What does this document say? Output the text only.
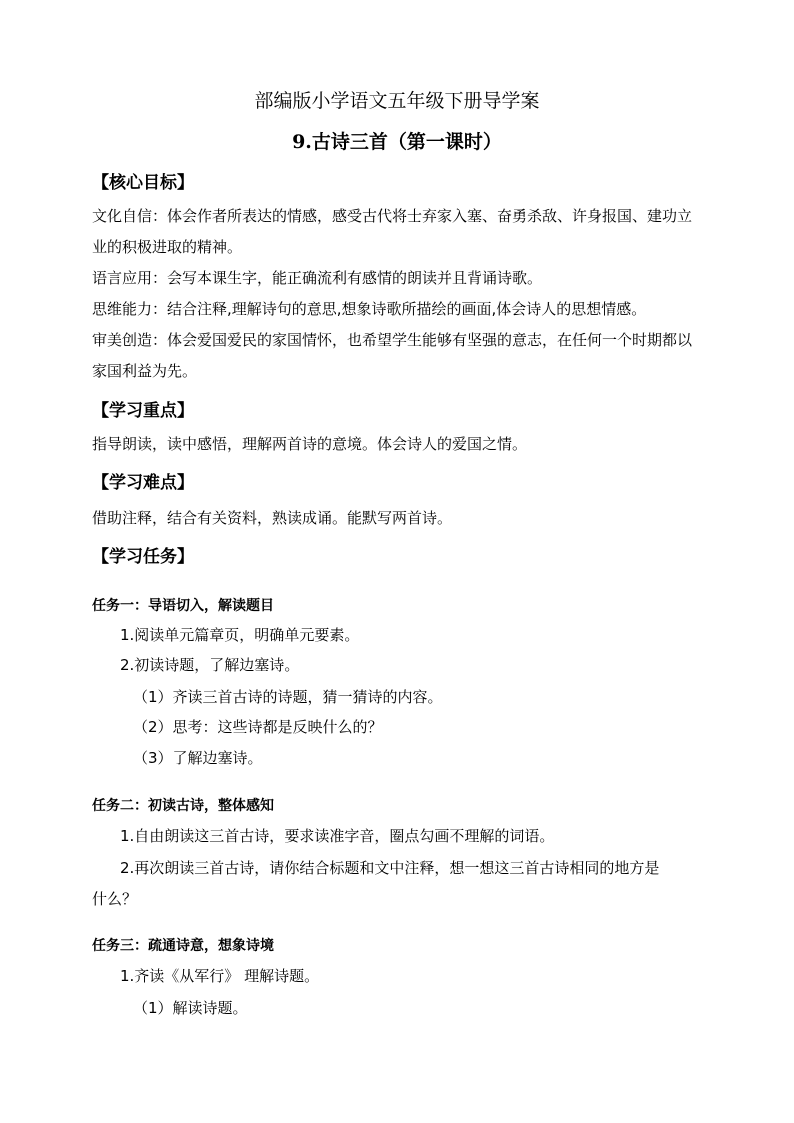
部编版小学语文五年级下册导学案
9.古诗三首（第一课时）
【核心目标】

文化自信：体会作者所表达的情感，感受古代将士弃家入塞、奋勇杀敌、许身报国、建功立业的积极进取的精神。

语言应用：会写本课生字，能正确流利有感情的朗读并且背诵诗歌。

思维能力：结合注释,理解诗句的意思,想象诗歌所描绘的画面,体会诗人的思想情感。

审美创造：体会爱国爱民的家国情怀，也希望学生能够有坚强的意志，在任何一个时期都以家国利益为先。

【学习重点】

指导朗读，读中感悟，理解两首诗的意境。体会诗人的爱国之情。

【学习难点】

借助注释，结合有关资料，熟读成诵。能默写两首诗。

【学习任务】
任务一：导语切入，解读题目

1.阅读单元篇章页，明确单元要素。

2.初读诗题，了解边塞诗。

（1）齐读三首古诗的诗题，猜一猜诗的内容。

（2）思考：这些诗都是反映什么的？

（3）了解边塞诗。

任务二：初读古诗，整体感知

1.自由朗读这三首古诗，要求读准字音，圈点勾画不理解的词语。

2.再次朗读三首古诗，请你结合标题和文中注释，想一想这三首古诗相同的地方是

什么？

任务三：疏通诗意，想象诗境

1.齐读《从军行》 理解诗题。

（1）解读诗题。
